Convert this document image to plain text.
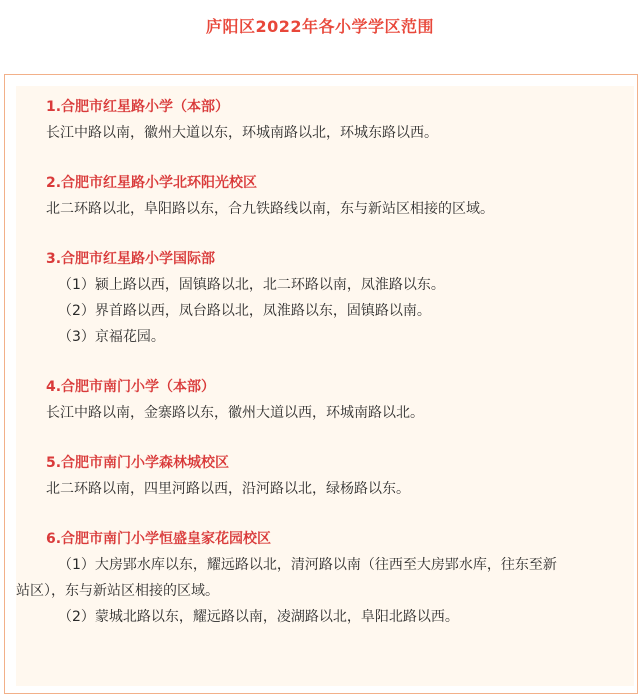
庐阳区2022年各小学学区范围

1.合肥市红星路小学（本部）

长江中路以南，徽州大道以东，环城南路以北，环城东路以西。

2.合肥市红星路小学北环阳光校区

北二环路以北，阜阳路以东，合九铁路线以南，东与新站区相接的区域。

3.合肥市红星路小学国际部

（1）颍上路以西，固镇路以北，北二环路以南，凤淮路以东。

（2）界首路以西，凤台路以北，凤淮路以东，固镇路以南。

（3）京福花园。

4.合肥市南门小学（本部）

长江中路以南，金寨路以东，徽州大道以西，环城南路以北。

5.合肥市南门小学森林城校区

北二环路以南，四里河路以西，沿河路以北，绿杨路以东。

6.合肥市南门小学恒盛皇家花园校区

（1）大房郢水库以东，耀远路以北，清河路以南（往西至大房郢水库，往东至新

站区），东与新站区相接的区域。

（2）蒙城北路以东，耀远路以南，凌湖路以北，阜阳北路以西。
